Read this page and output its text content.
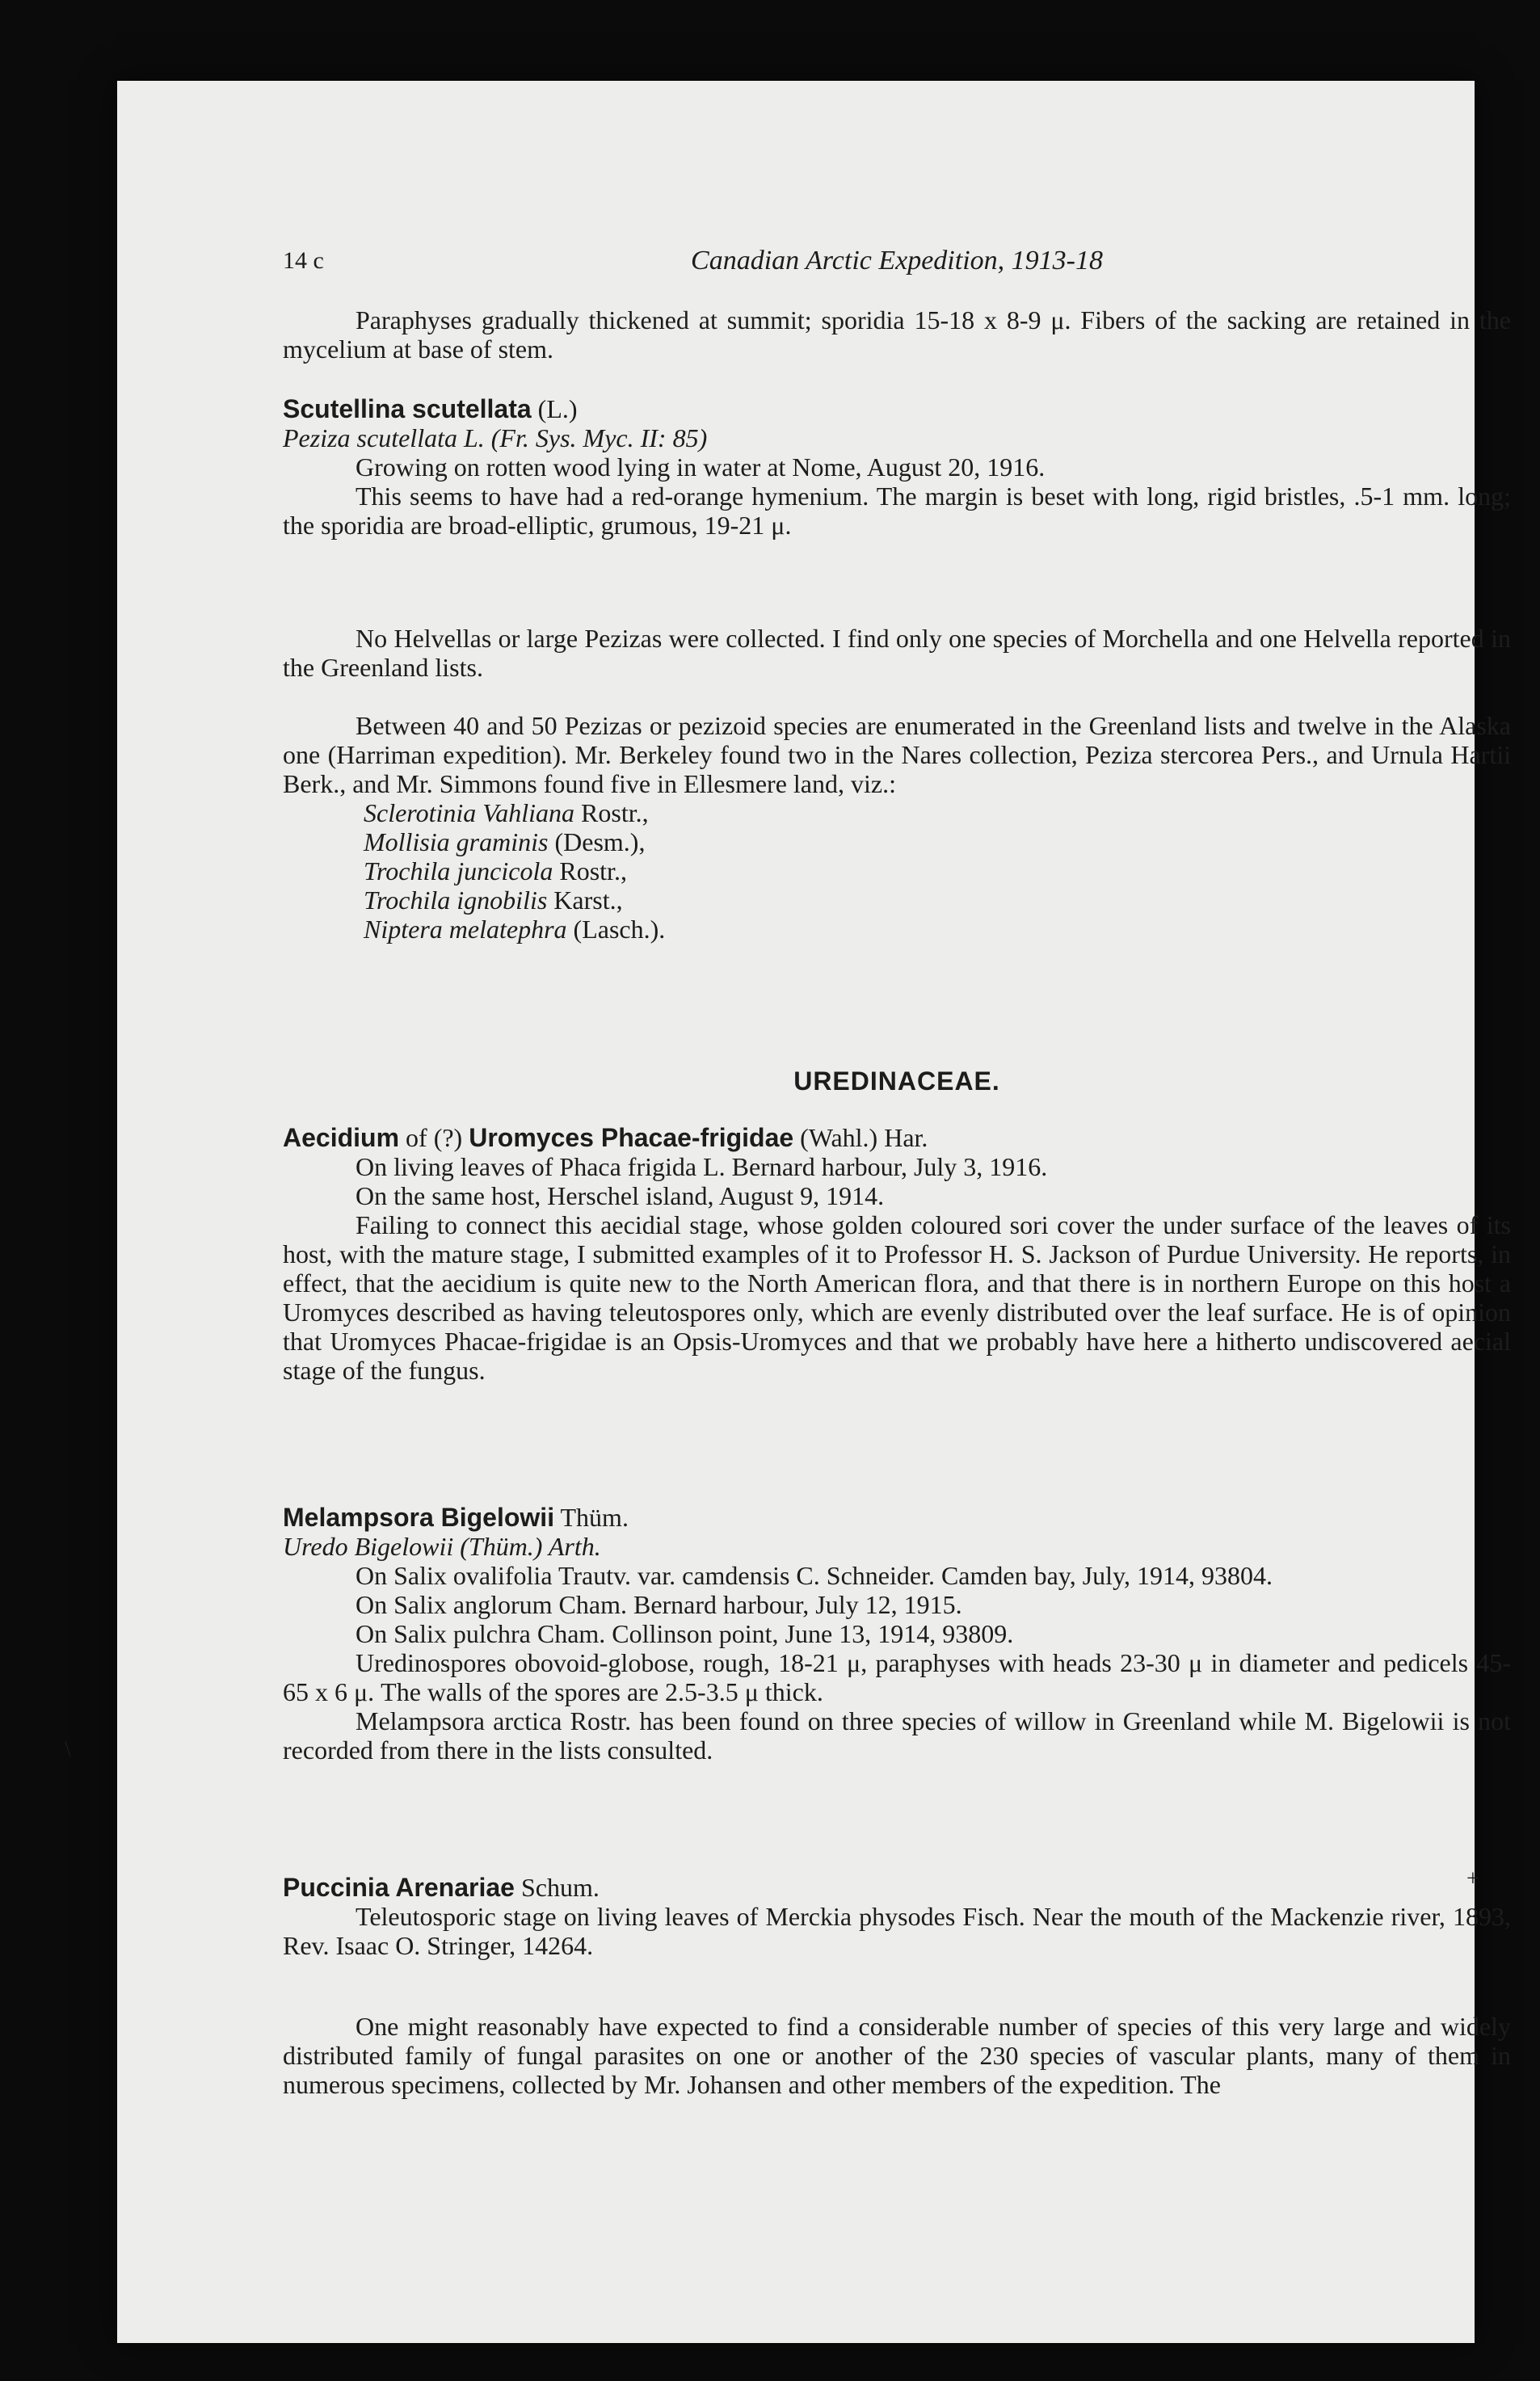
\
+
14 c	Canadian Arctic Expedition, 1913-18

Paraphyses gradually thickened at summit; sporidia 15-18 x 8-9 μ. Fibers of the sacking are retained in the mycelium at base of stem.

Scutellina scutellata (L.)

Peziza scutellata L. (Fr. Sys. Myc. II: 85)

Growing on rotten wood lying in water at Nome, August 20, 1916.

This seems to have had a red-orange hymenium. The margin is beset with long, rigid bristles, .5-1 mm. long; the sporidia are broad-elliptic, grumous, 19-21 μ.

No Helvellas or large Pezizas were collected. I find only one species of Morchella and one Helvella reported in the Greenland lists.

Between 40 and 50 Pezizas or pezizoid species are enumerated in the Greenland lists and twelve in the Alaska one (Harriman expedition). Mr. Berkeley found two in the Nares collection, Peziza stercorea Pers., and Urnula Hartii Berk., and Mr. Simmons found five in Ellesmere land, viz.:

Sclerotinia Vahliana Rostr.,
Mollisia graminis (Desm.),
Trochila juncicola Rostr.,
Trochila ignobilis Karst.,
Niptera melatephra (Lasch.).
UREDINACEAE.

Aecidium of (?) Uromyces Phacae-frigidae (Wahl.) Har.

On living leaves of Phaca frigida L. Bernard harbour, July 3, 1916.

On the same host, Herschel island, August 9, 1914.

Failing to connect this aecidial stage, whose golden coloured sori cover the under surface of the leaves of its host, with the mature stage, I submitted examples of it to Professor H. S. Jackson of Purdue University. He reports, in effect, that the aecidium is quite new to the North American flora, and that there is in northern Europe on this host a Uromyces described as having teleutospores only, which are evenly distributed over the leaf surface. He is of opinion that Uromyces Phacae-frigidae is an Opsis-Uromyces and that we probably have here a hitherto undiscovered aecial stage of the fungus.

Melampsora Bigelowii Thüm.

Uredo Bigelowii (Thüm.) Arth.

On Salix ovalifolia Trautv. var. camdensis C. Schneider. Camden bay, July, 1914, 93804.

On Salix anglorum Cham. Bernard harbour, July 12, 1915.

On Salix pulchra Cham. Collinson point, June 13, 1914, 93809.

Uredinospores obovoid-globose, rough, 18-21 μ, paraphyses with heads 23-30 μ in diameter and pedicels 45-65 x 6 μ. The walls of the spores are 2.5-3.5 μ thick.

Melampsora arctica Rostr. has been found on three species of willow in Greenland while M. Bigelowii is not recorded from there in the lists consulted.

Puccinia Arenariae Schum.

Teleutosporic stage on living leaves of Merckia physodes Fisch. Near the mouth of the Mackenzie river, 1893, Rev. Isaac O. Stringer, 14264.

One might reasonably have expected to find a considerable number of species of this very large and widely distributed family of fungal parasites on one or another of the 230 species of vascular plants, many of them in numerous specimens, collected by Mr. Johansen and other members of the expedition. The
